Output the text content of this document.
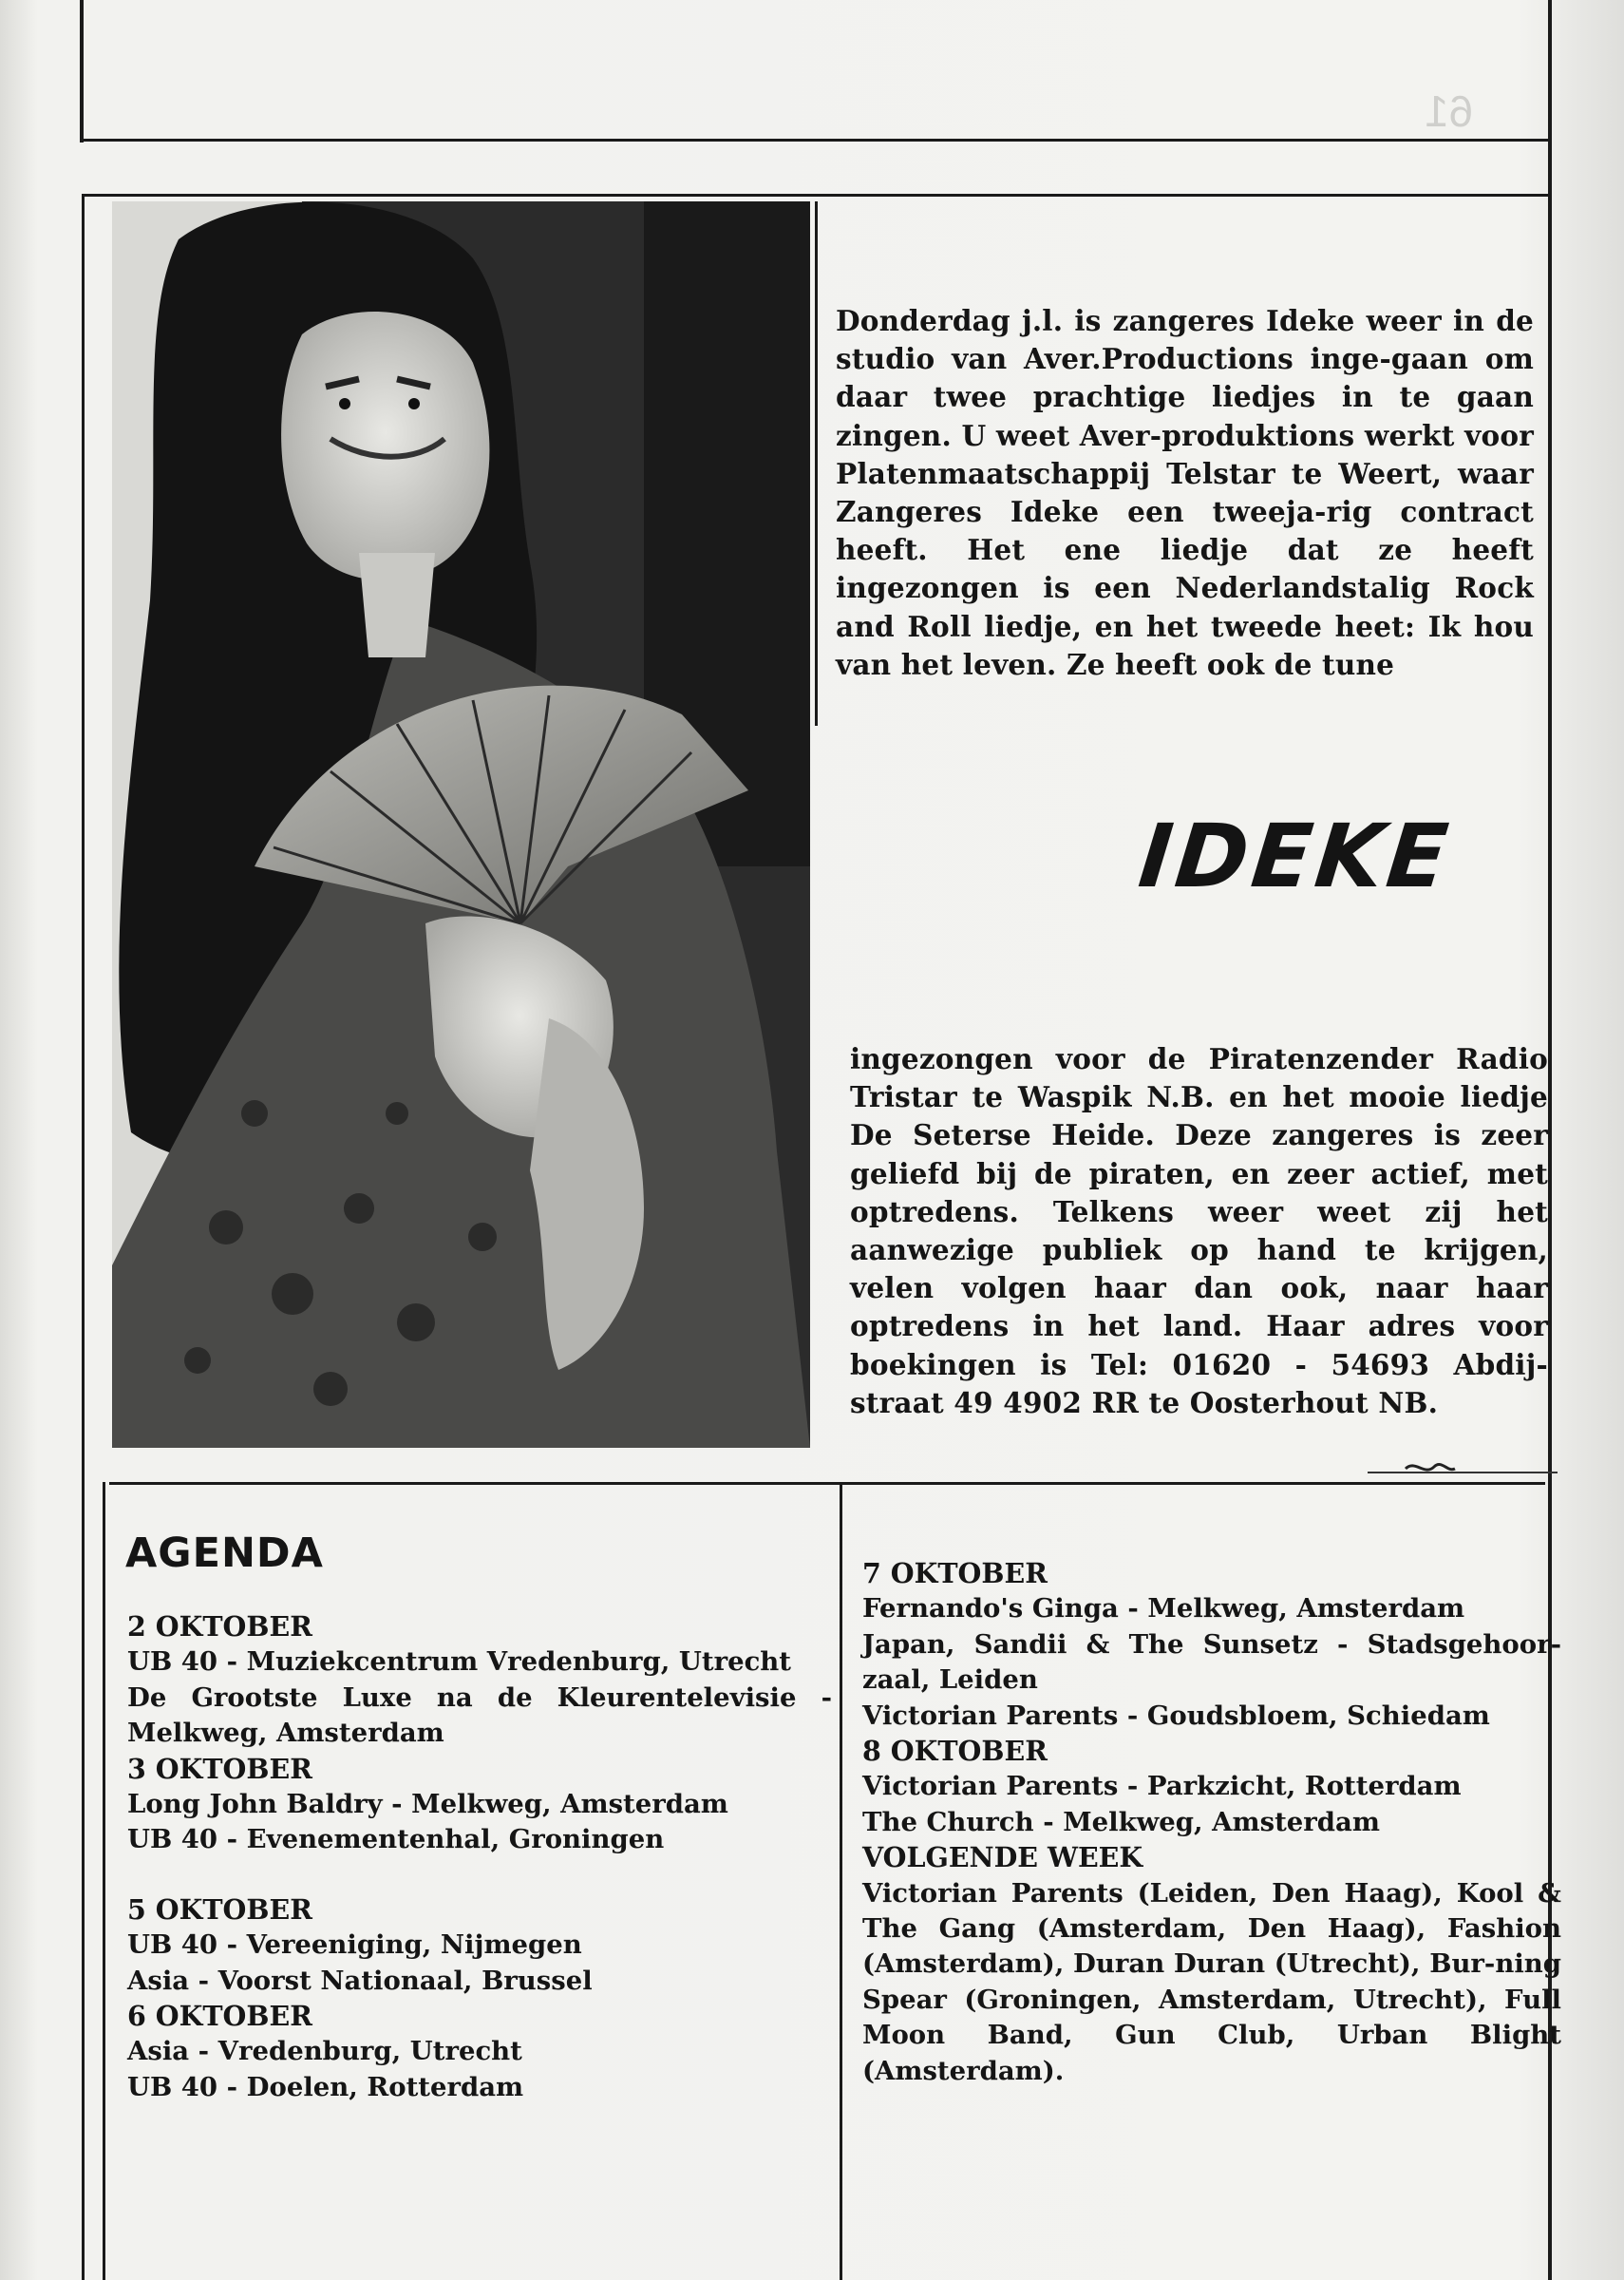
61
Donderdag j.l. is zangeres Ideke weer in de studio van Aver.Productions inge-gaan om daar twee prachtige liedjes in te gaan zingen. U weet Aver-produktions werkt voor Platenmaatschappij Telstar te Weert, waar Zangeres Ideke een tweeja-rig contract heeft. Het ene liedje dat ze heeft ingezongen is een Nederlandstalig Rock and Roll liedje, en het tweede heet: Ik hou van het leven. Ze heeft ook de tune
IDEKE
ingezongen voor de Piratenzender Radio Tristar te Waspik N.B. en het mooie liedje De Seterse Heide. Deze zangeres is zeer geliefd bij de piraten, en zeer actief, met optredens. Telkens weer weet zij het aanwezige publiek op hand te krijgen, velen volgen haar dan ook, naar haar optredens in het land. Haar adres voor boekingen is Tel: 01620 - 54693 Abdij-straat 49 4902 RR te Oosterhout NB.
AGENDA
2 OKTOBER
UB 40 - Muziekcentrum Vredenburg, Utrecht
De Grootste Luxe na de Kleurentelevisie - Melkweg, Amsterdam
3 OKTOBER
Long John Baldry - Melkweg, Amsterdam
UB 40 - Evenementenhal, Groningen
5 OKTOBER
UB 40 - Vereeniging, Nijmegen
Asia - Voorst Nationaal, Brussel
6 OKTOBER
Asia - Vredenburg, Utrecht
UB 40 - Doelen, Rotterdam
7 OKTOBER
Fernando's Ginga - Melkweg, Amsterdam
Japan, Sandii & The Sunsetz - Stadsgehoor-zaal, Leiden
Victorian Parents - Goudsbloem, Schiedam
8 OKTOBER
Victorian Parents - Parkzicht, Rotterdam
The Church - Melkweg, Amsterdam
VOLGENDE WEEK
Victorian Parents (Leiden, Den Haag), Kool & The Gang (Amsterdam, Den Haag), Fashion (Amsterdam), Duran Duran (Utrecht), Bur-ning Spear (Groningen, Amsterdam, Utrecht), Full Moon Band, Gun Club, Urban Blight (Amsterdam).
